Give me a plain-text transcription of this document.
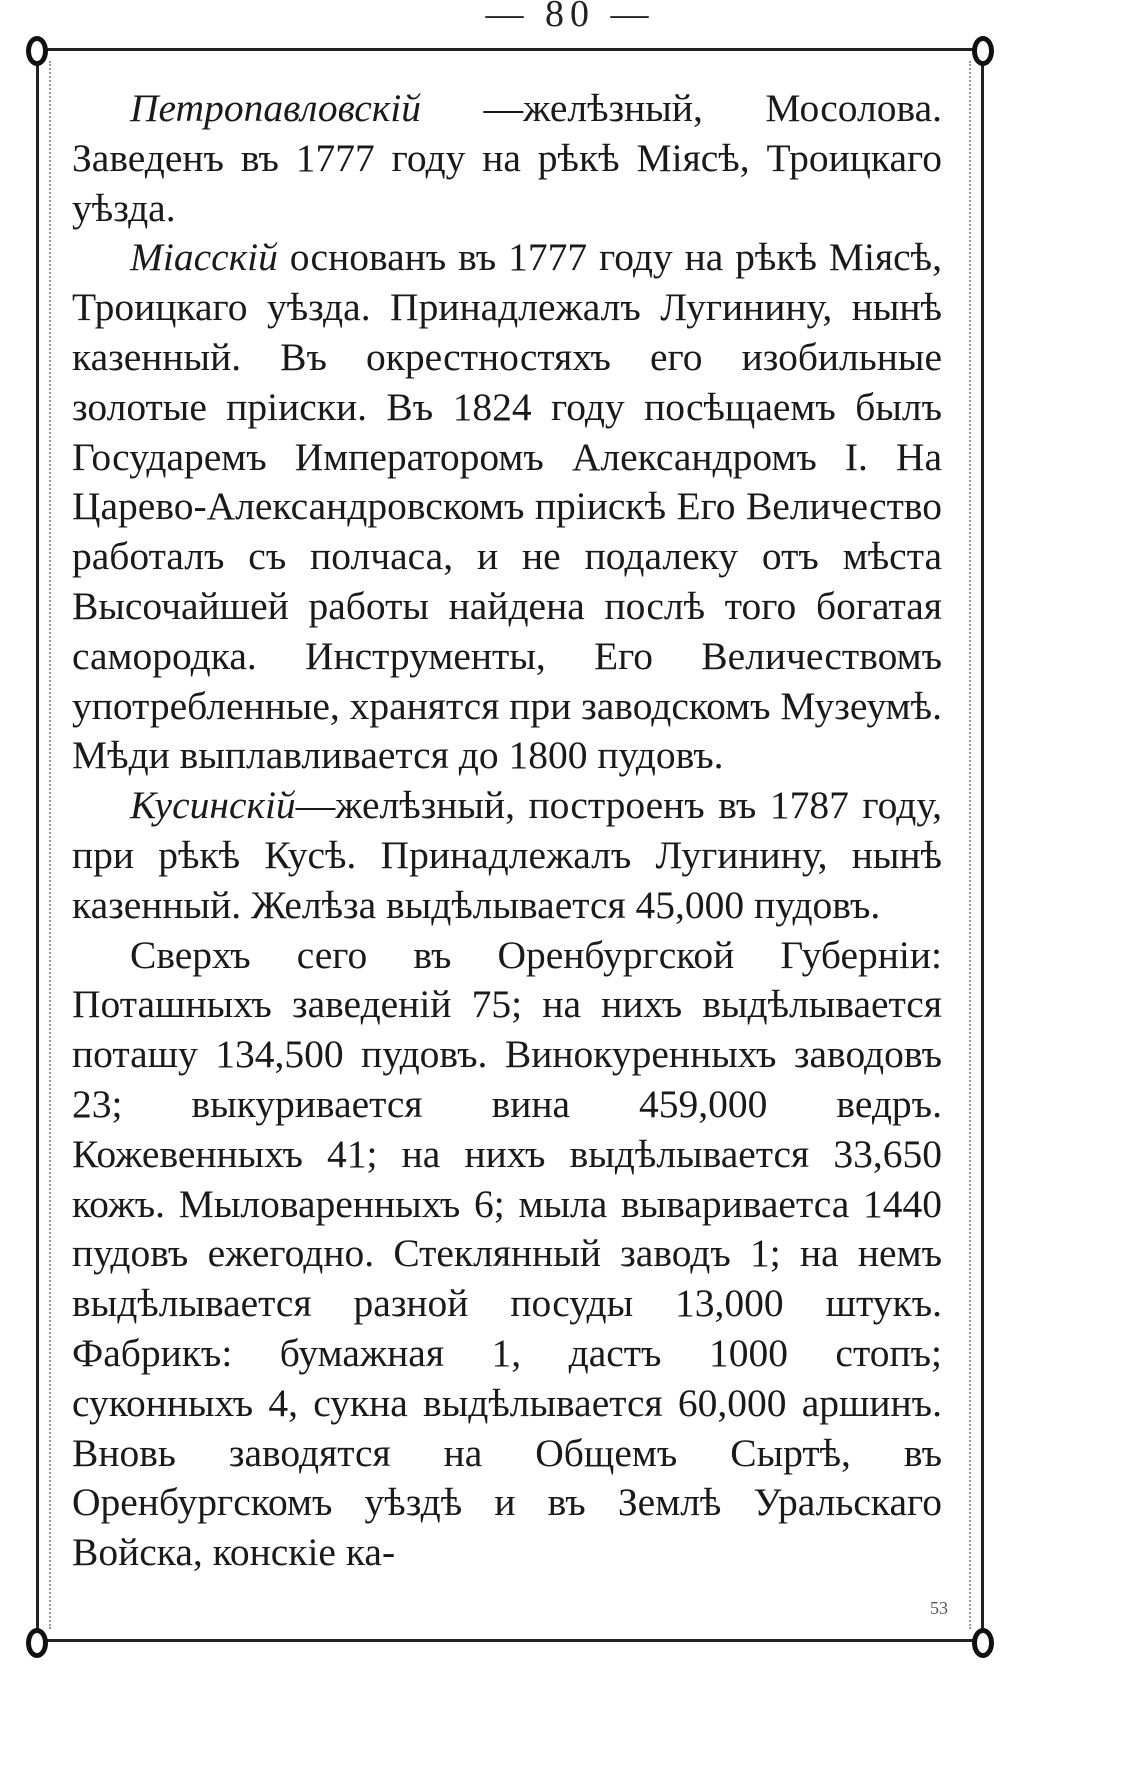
— 80 —

Петропавловскій —желѣзный, Мосолова. Заведенъ въ 1777 году на рѣкѣ Міясѣ, Троицкаго уѣзда.

Міасскій основанъ въ 1777 году на рѣкѣ Міясѣ, Троицкаго уѣзда. Принадлежалъ Лугинину, нынѣ казенный. Въ окрестностяхъ его изобильные золотые пріиски. Въ 1824 году посѣщаемъ былъ Государемъ Императоромъ Александромъ I. На Царево-Александровскомъ пріискѣ Его Величество работалъ съ полчаса, и не подалеку отъ мѣста Высочайшей работы найдена послѣ того богатая самородка. Инструменты, Его Величествомъ употребленные, хранятся при заводскомъ Музеумѣ. Мѣди выплавливается до 1800 пудовъ.

Кусинскій—желѣзный, построенъ въ 1787 году, при рѣкѣ Кусѣ. Принадлежалъ Лугинину, нынѣ казенный. Желѣза выдѣлывается 45,000 пудовъ.

Сверхъ сего въ Оренбургской Губерніи: Поташныхъ заведеній 75; на нихъ выдѣлывается поташу 134,500 пудовъ. Винокуренныхъ заводовъ 23; выкуривается вина 459,000 ведръ. Кожевенныхъ 41; на нихъ выдѣлывается 33,650 кожъ. Мыловаренныхъ 6; мыла вывариваетса 1440 пудовъ ежегодно. Стеклянный заводъ 1; на немъ выдѣлывается разной посуды 13,000 штукъ. Фабрикъ: бумажная 1, дастъ 1000 стопъ; суконныхъ 4, сукна выдѣлывается 60,000 аршинъ. Вновь заводятся на Общемъ Сыртѣ, въ Оренбургскомъ уѣздѣ и въ Землѣ Уральскаго Войска, конскіе ка-

53
